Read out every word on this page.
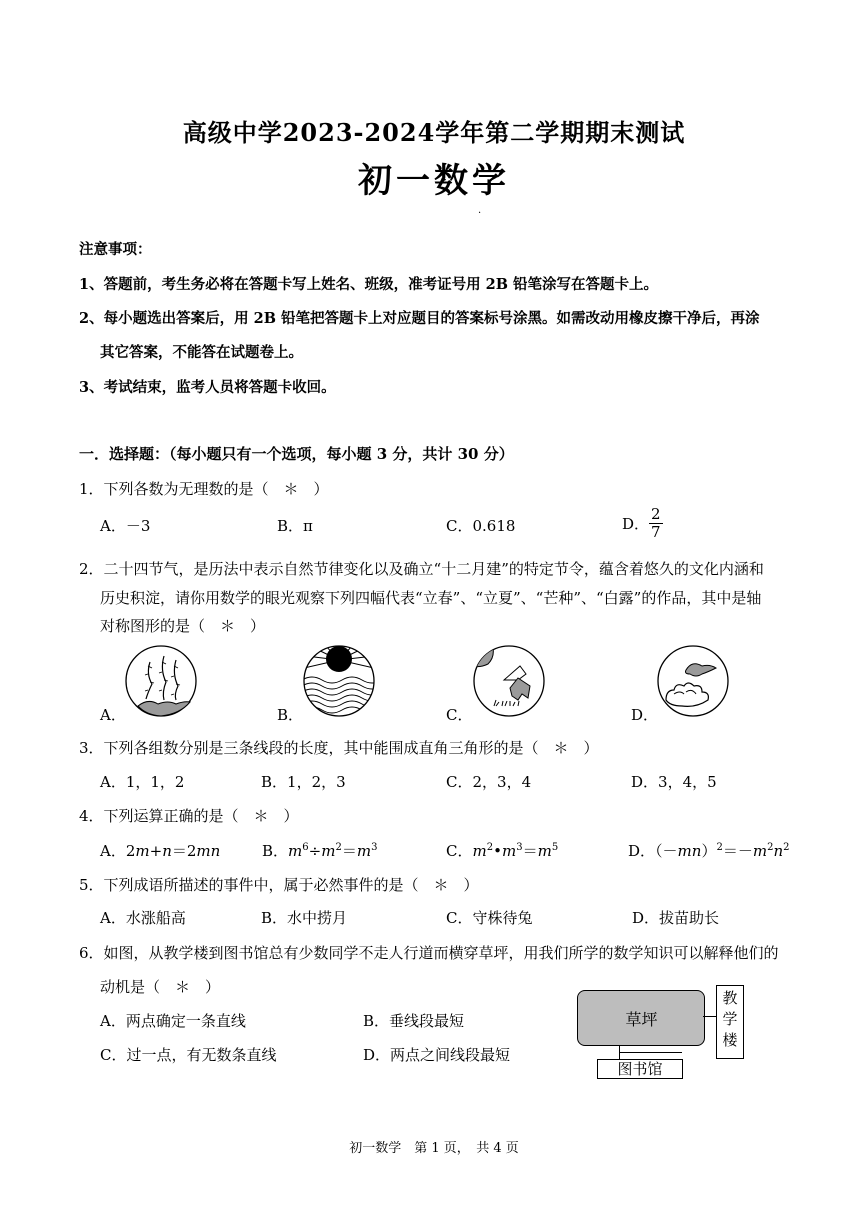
高级中学2023-2024学年第二学期期末测试
初一数学
.
注意事项：
1、答题前，考生务必将在答题卡写上姓名、班级，准考证号用 2B 铅笔涂写在答题卡上。
2、每小题选出答案后，用 2B 铅笔把答题卡上对应题目的答案标号涂黑。如需改动用橡皮擦干净后，再涂
其它答案，不能答在试题卷上。
3、考试结束，监考人员将答题卡收回。
一．选择题：（每小题只有一个选项，每小题 3 分，共计 30 分）
1．下列各数为无理数的是（　＊　）
A．－3	B．π	C．0.618	D． $\frac{2}{7}$
2．二十四节气，是历法中表示自然节律变化以及确立“十二月建”的特定节令，蕴含着悠久的文化内涵和
历史积淀，请你用数学的眼光观察下列四幅代表“立春”、“立夏”、“芒种”、“白露”的作品，其中是轴
对称图形的是（　＊　）
A．	B．	C．	D．
3．下列各组数分别是三条线段的长度，其中能围成直角三角形的是（　＊　）
A．1，1，2	B．1，2，3	C．2，3，4	D．3，4，5
4．下列运算正确的是（　＊　）
A．2m+n＝2mn	B．$m^6\div m^2=m^3$	C．$m^2•m^3=m^5$	D．$(-mn)^2=-m^2n^2$
5．下列成语所描述的事件中，属于必然事件的是（　＊　）
A．水涨船高	B．水中捞月	C．守株待兔	D．拔苗助长
6．如图，从教学楼到图书馆总有少数同学不走人行道而横穿草坪，用我们所学的数学知识可以解释他们的
动机是（　＊　）
A．两点确定一条直线	B．垂线段最短
C．过一点，有无数条直线	D．两点之间线段最短
草坪
教学楼
图书馆
初一数学　第 1 页，　共 4 页
